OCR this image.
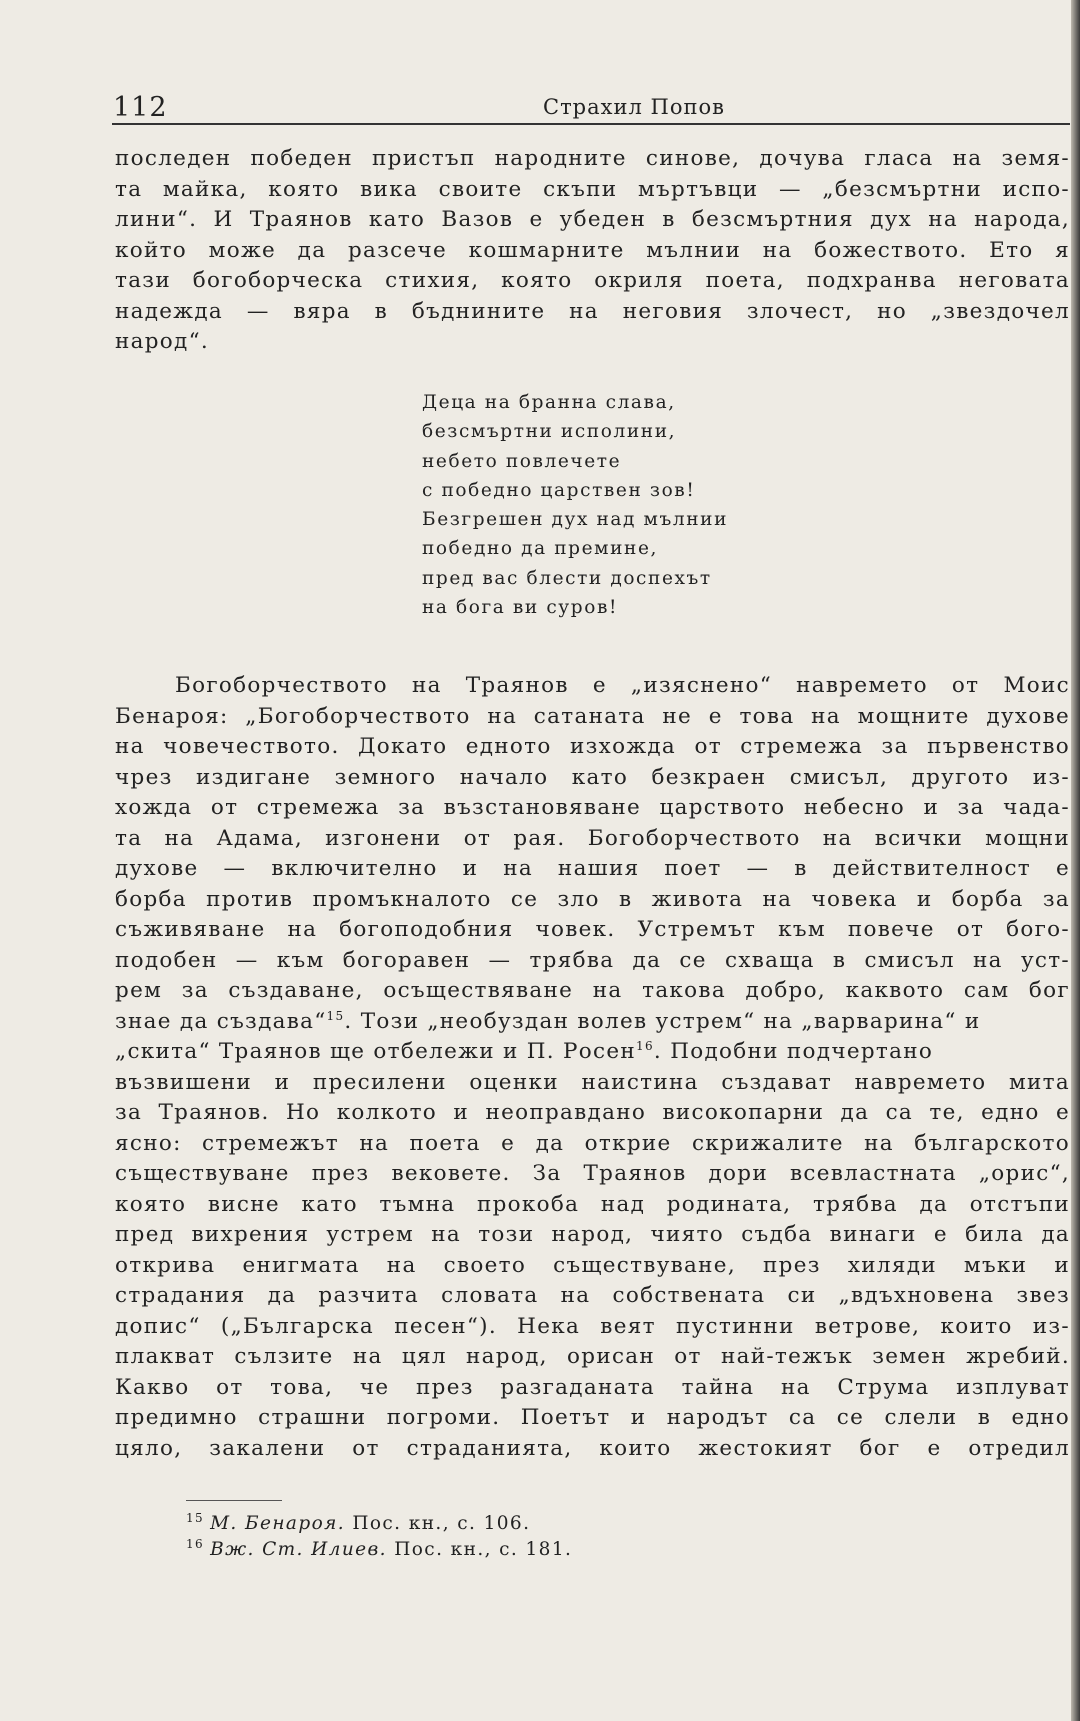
112	Страхил Попов
последен победен пристъп народните синове, дочува гласа на земя-
та майка, която вика своите скъпи мъртъвци — „безсмъртни испо-
лини“. И Траянов като Вазов е убеден в безсмъртния дух на народа,
който може да разсече кошмарните мълнии на божеството. Ето я
тази богоборческа стихия, която окриля поета, подхранва неговата
надежда — вяра в бъднините на неговия злочест, но „звездочел
народ“.
Деца на бранна слава,
безсмъртни исполини,
небето повлечете
с победно царствен зов!
Безгрешен дух над мълнии
победно да премине,
пред вас блести доспехът
на бога ви суров!
Богоборчеството на Траянов е „изяснено“ навремето от Моис
Бенароя: „Богоборчеството на сатаната не е това на мощните духове
на човечеството. Докато едното изхожда от стремежа за първенство
чрез издигане земного начало като безкраен смисъл, другото из-
хожда от стремежа за възстановяване царството небесно и за чада-
та на Адама, изгонени от рая. Богоборчеството на всички мощни
духове — включително и на нашия поет — в действителност е
борба против промъкналото се зло в живота на човека и борба за
съживяване на богоподобния човек. Устремът към повече от бого-
подобен — към богоравен — трябва да се схваща в смисъл на уст-
рем за създаване, осъществяване на такова добро, каквото сам бог
знае да създава“$^{15}$. Този „необуздан волев устрем“ на „варварина“ и
„скита“ Траянов ще отбележи и П. Росен$^{16}$. Подобни подчертано
възвишени и пресилени оценки наистина създават навремето мита
за Траянов. Но колкото и неоправдано високопарни да са те, едно е
ясно: стремежът на поета е да открие скрижалите на българското
съществуване през вековете. За Траянов дори всевластната „орис“,
която виснe като тъмна прокоба над родината, трябва да отстъпи
пред вихрения устрем на този народ, чиято съдба винаги е била да
открива енигмата на своето съществуване, през хиляди мъки и
страдания да разчита словата на собствената си „вдъхновена звез
допис“ („Българска песен“). Нека веят пустинни ветрове, които из-
плакват сълзите на цял народ, орисан от най-тежък земен жребий.
Какво от това, че през разгаданата тайна на Струма изплуват
предимно страшни погроми. Поетът и народът са се слели в едно
цяло, закалени от страданията, които жестокият бог е отредил
$^{15}$ М. Бенароя. Пос. кн., с. 106.
$^{16}$ Вж. Ст. Илиев. Пос. кн., с. 181.
